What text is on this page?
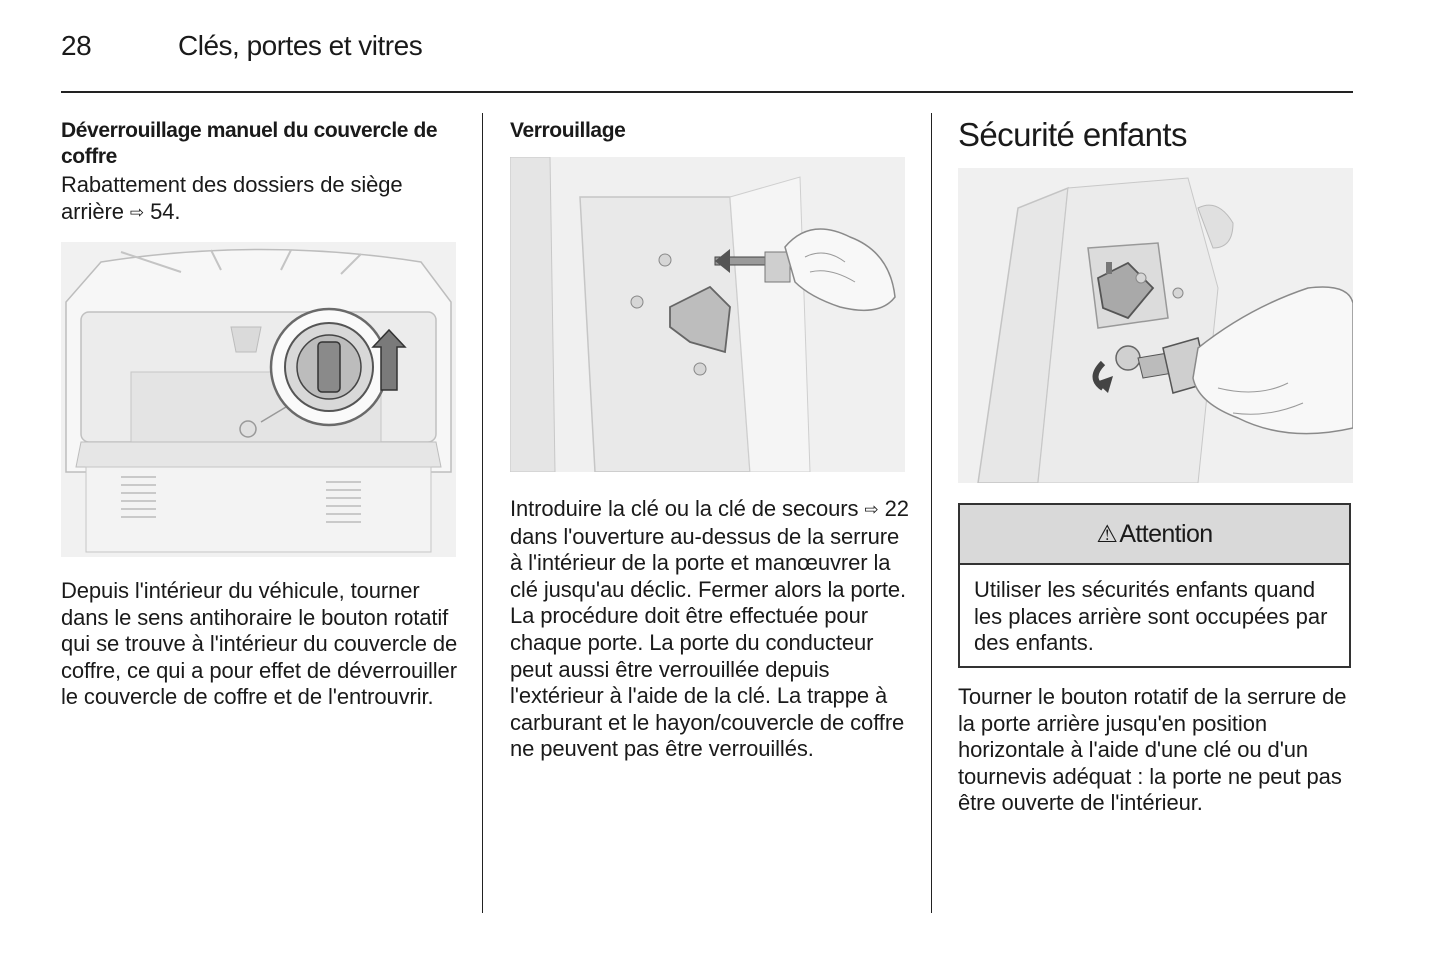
28	Clés, portes et vitres
Déverrouillage manuel du couvercle de coffre
Rabattement des dossiers de siège arrière ⇨ 54.
Depuis l'intérieur du véhicule, tourner dans le sens antihoraire le bouton rotatif qui se trouve à l'intérieur du couvercle de coffre, ce qui a pour effet de déverrouiller le couvercle de coffre et de l'entrouvrir.
Verrouillage
Introduire la clé ou la clé de secours ⇨ 22 dans l'ouverture au-dessus de la serrure à l'intérieur de la porte et manœuvrer la clé jusqu'au déclic. Fermer alors la porte. La procédure doit être effectuée pour chaque porte. La porte du conducteur peut aussi être verrouillée depuis l'extérieur à l'aide de la clé. La trappe à carburant et le hayon/couvercle de coffre ne peuvent pas être verrouillés.
Sécurité enfants
⚠ Attention
Utiliser les sécurités enfants quand les places arrière sont occupées par des enfants.
Tourner le bouton rotatif de la serrure de la porte arrière jusqu'en position horizontale à l'aide d'une clé ou d'un tournevis adéquat : la porte ne peut pas être ouverte de l'intérieur.
